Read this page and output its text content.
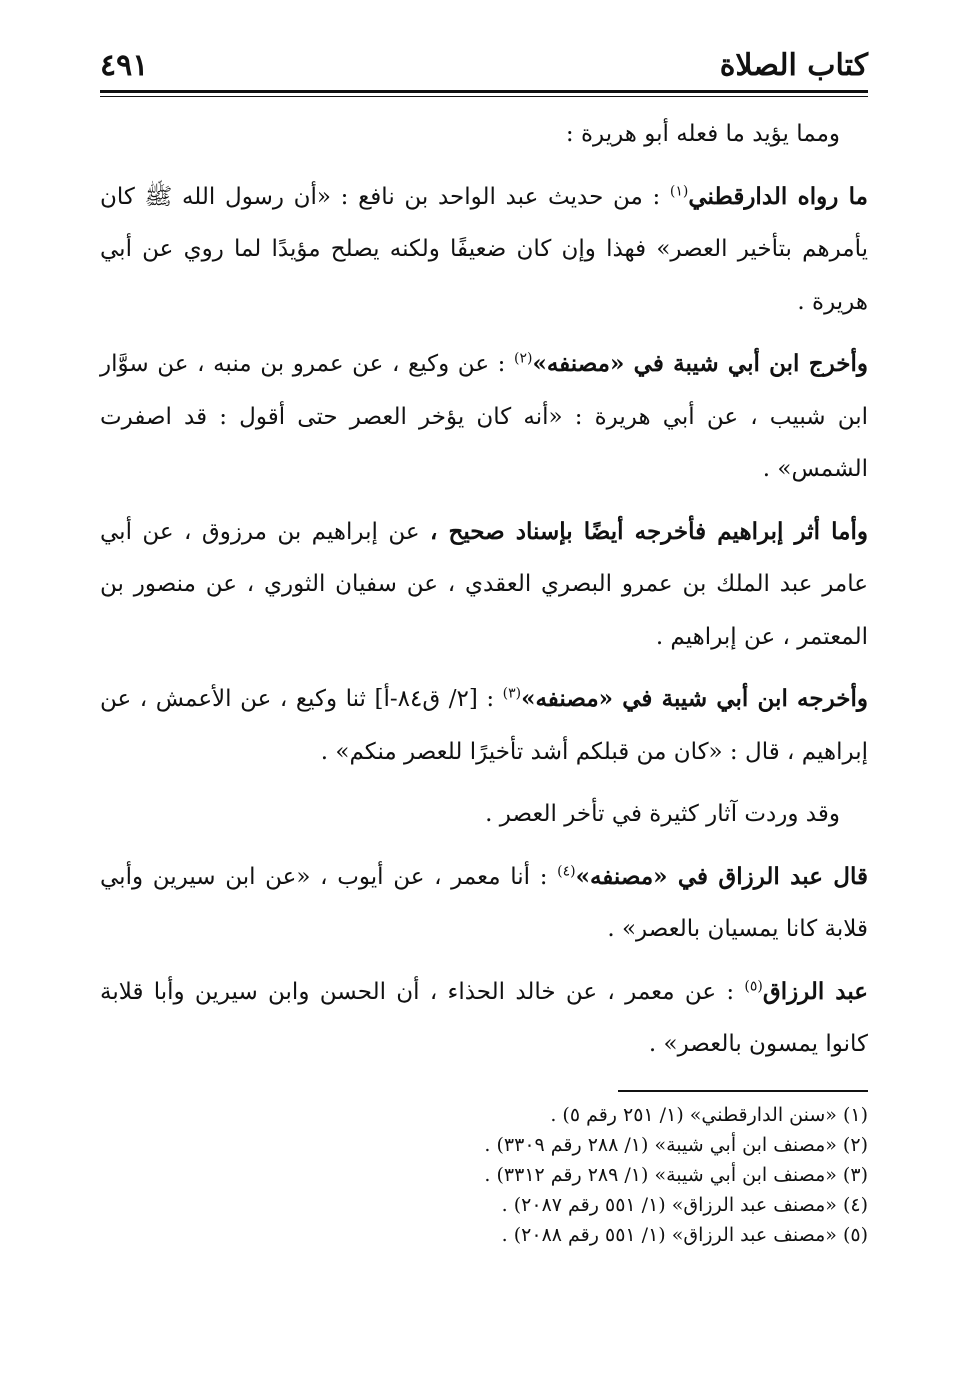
٤٩١	كتاب الصلاة

ومما يؤيد ما فعله أبو هريرة :

ما رواه الدارقطني$^{(١)}$ : من حديث عبد الواحد بن نافع : «أن رسول الله ﷺ كان يأمرهم بتأخير العصر» فهذا وإن كان ضعيفًا ولكنه يصلح مؤيدًا لما روي عن أبي هريرة .

وأخرج ابن أبي شيبة في «مصنفه»$^{(٢)}$ : عن وكيع ، عن عمرو بن منبه ، عن سوَّار ابن شبيب ، عن أبي هريرة : «أنه كان يؤخر العصر حتى أقول : قد اصفرت الشمس» .

وأما أثر إبراهيم فأخرجه أيضًا بإسناد صحيح ، عن إبراهيم بن مرزوق ، عن أبي عامر عبد الملك بن عمرو البصري العقدي ، عن سفيان الثوري ، عن منصور بن المعتمر ، عن إبراهيم .

وأخرجه ابن أبي شيبة في «مصنفه»$^{(٣)}$ : [٢/ ق٨٤-أ] ثنا وكيع ، عن الأعمش ، عن إبراهيم ، قال : «كان من قبلكم أشد تأخيرًا للعصر منكم» .

وقد وردت آثار كثيرة في تأخر العصر .

قال عبد الرزاق في «مصنفه»$^{(٤)}$ : أنا معمر ، عن أيوب ، «عن ابن سيرين وأبي قلابة كانا يمسيان بالعصر» .

عبد الرزاق$^{(٥)}$ : عن معمر ، عن خالد الحذاء ، أن الحسن وابن سيرين وأبا قلابة كانوا يمسون بالعصر» .

(١) «سنن الدارقطني» (١/ ٢٥١ رقم ٥) .
(٢) «مصنف ابن أبي شيبة» (١/ ٢٨٨ رقم ٣٣٠٩) .
(٣) «مصنف ابن أبي شيبة» (١/ ٢٨٩ رقم ٣٣١٢) .
(٤) «مصنف عبد الرزاق» (١/ ٥٥١ رقم ٢٠٨٧) .
(٥) «مصنف عبد الرزاق» (١/ ٥٥١ رقم ٢٠٨٨) .
